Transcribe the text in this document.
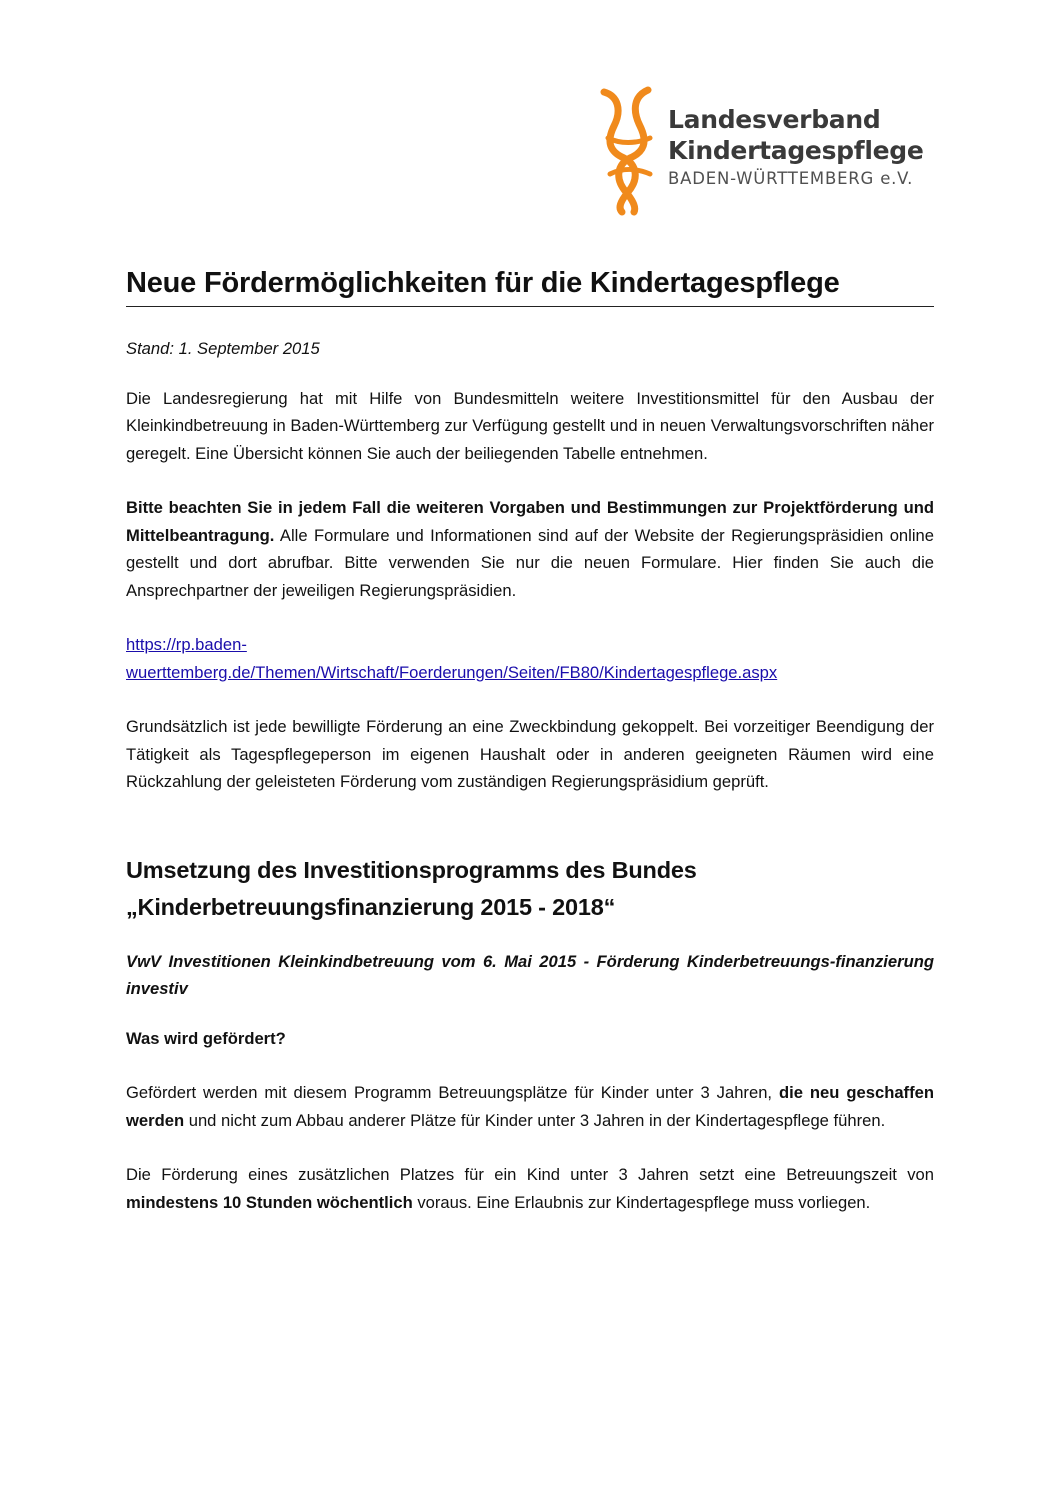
Landesverband
Kindertagespflege
BADEN-WÜRTTEMBERG e.V.
Neue Fördermöglichkeiten für die Kindertagespflege

Stand: 1. September 2015

Die Landesregierung hat mit Hilfe von Bundesmitteln weitere Investitionsmittel für den Ausbau der Kleinkindbetreuung in Baden-Württemberg zur Verfügung gestellt und in neuen Verwaltungsvorschriften näher geregelt. Eine Übersicht können Sie auch der beiliegenden Tabelle entnehmen.

Bitte beachten Sie in jedem Fall die weiteren Vorgaben und Bestimmungen zur Projektförderung und Mittelbeantragung. Alle Formulare und Informationen sind auf der Website der Regierungspräsidien online gestellt und dort abrufbar. Bitte verwenden Sie nur die neuen Formulare. Hier finden Sie auch die Ansprechpartner der jeweiligen Regierungspräsidien.

https://rp.baden-
wuerttemberg.de/Themen/Wirtschaft/Foerderungen/Seiten/FB80/Kindertagespflege.aspx

Grundsätzlich ist jede bewilligte Förderung an eine Zweckbindung gekoppelt. Bei vorzeitiger Beendigung der Tätigkeit als Tagespflegeperson im eigenen Haushalt oder in anderen geeigneten Räumen wird eine Rückzahlung der geleisteten Förderung vom zuständigen Regierungspräsidium geprüft.

Umsetzung des Investitionsprogramms des Bundes
„Kinderbetreuungsfinanzierung 2015 - 2018“

VwV Investitionen Kleinkindbetreuung vom 6. Mai 2015 - Förderung Kinderbetreuungs-finanzierung investiv

Was wird gefördert?

Gefördert werden mit diesem Programm Betreuungsplätze für Kinder unter 3 Jahren, die neu geschaffen werden und nicht zum Abbau anderer Plätze für Kinder unter 3 Jahren in der Kindertagespflege führen.

Die Förderung eines zusätzlichen Platzes für ein Kind unter 3 Jahren setzt eine Betreuungszeit von mindestens 10 Stunden wöchentlich voraus. Eine Erlaubnis zur Kindertagespflege muss vorliegen.
